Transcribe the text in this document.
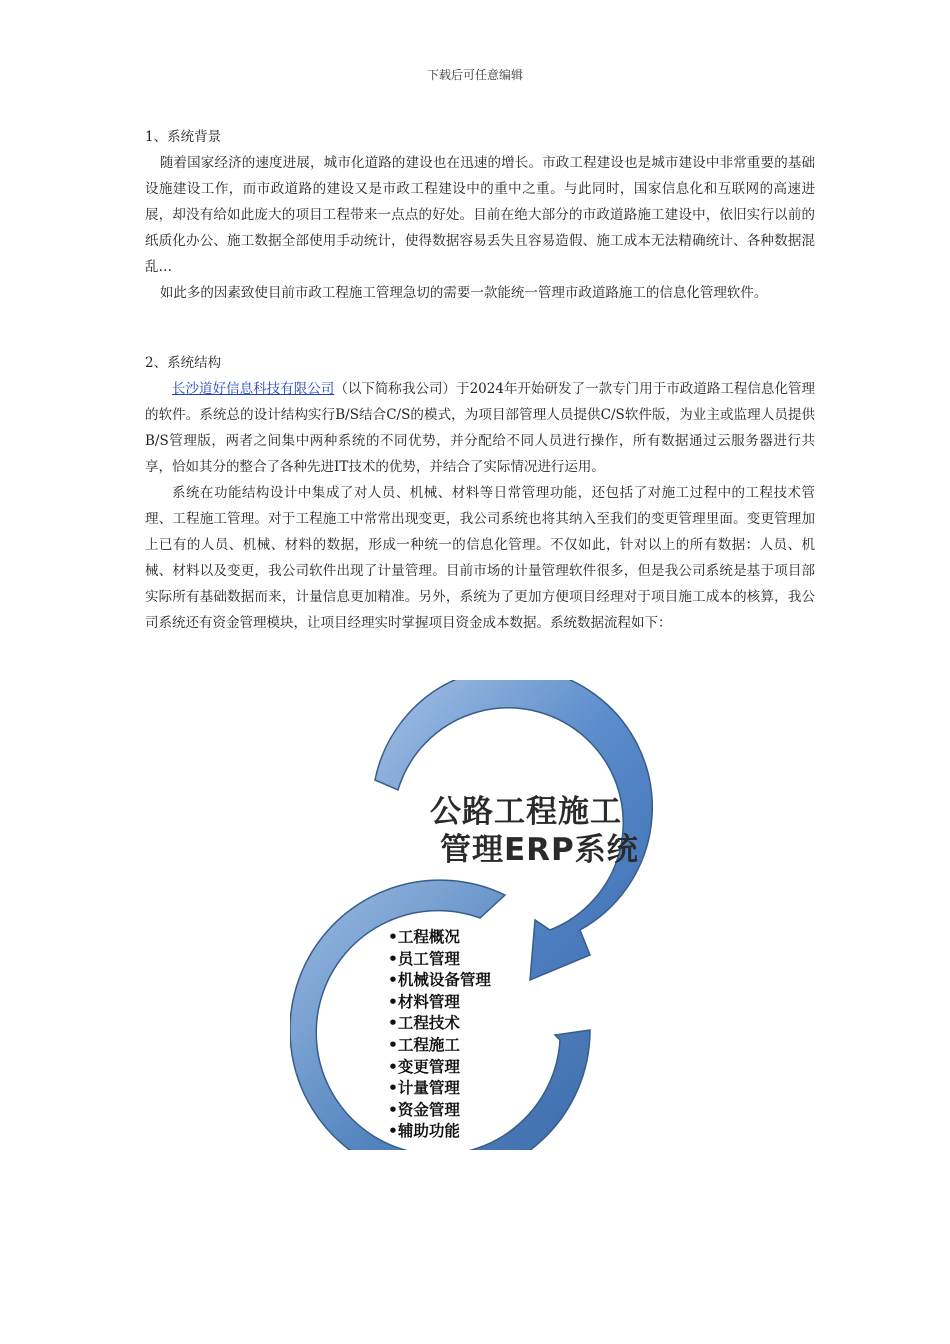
下载后可任意编辑
1、系统背景
随着国家经济的速度进展，城市化道路的建设也在迅速的增长。市政工程建设也是城市建设中非常重要的基础设施建设工作，而市政道路的建设又是市政工程建设中的重中之重。与此同时，国家信息化和互联网的高速进展，却没有给如此庞大的项目工程带来一点点的好处。目前在绝大部分的市政道路施工建设中，依旧实行以前的纸质化办公、施工数据全部使用手动统计，使得数据容易丢失且容易造假、施工成本无法精确统计、各种数据混乱…
如此多的因素致使目前市政工程施工管理急切的需要一款能统一管理市政道路施工的信息化管理软件。
2、系统结构
长沙道好信息科技有限公司（以下简称我公司）于2024年开始研发了一款专门用于市政道路工程信息化管理的软件。系统总的设计结构实行B/S结合C/S的模式，为项目部管理人员提供C/S软件版，为业主或监理人员提供B/S管理版，两者之间集中两种系统的不同优势，并分配给不同人员进行操作，所有数据通过云服务器进行共享，恰如其分的整合了各种先进IT技术的优势，并结合了实际情况进行运用。
系统在功能结构设计中集成了对人员、机械、材料等日常管理功能，还包括了对施工过程中的工程技术管理、工程施工管理。对于工程施工中常常出现变更，我公司系统也将其纳入至我们的变更管理里面。变更管理加上已有的人员、机械、材料的数据，形成一种统一的信息化管理。不仅如此，针对以上的所有数据：人员、机械、材料以及变更，我公司软件出现了计量管理。目前市场的计量管理软件很多，但是我公司系统是基于项目部实际所有基础数据而来，计量信息更加精准。另外，系统为了更加方便项目经理对于项目施工成本的核算，我公司系统还有资金管理模块，让项目经理实时掌握项目资金成本数据。系统数据流程如下：
公路工程施工
管理ERP系统
•工程概况
•员工管理
•机械设备管理
•材料管理
•工程技术
•工程施工
•变更管理
•计量管理
•资金管理
•辅助功能
